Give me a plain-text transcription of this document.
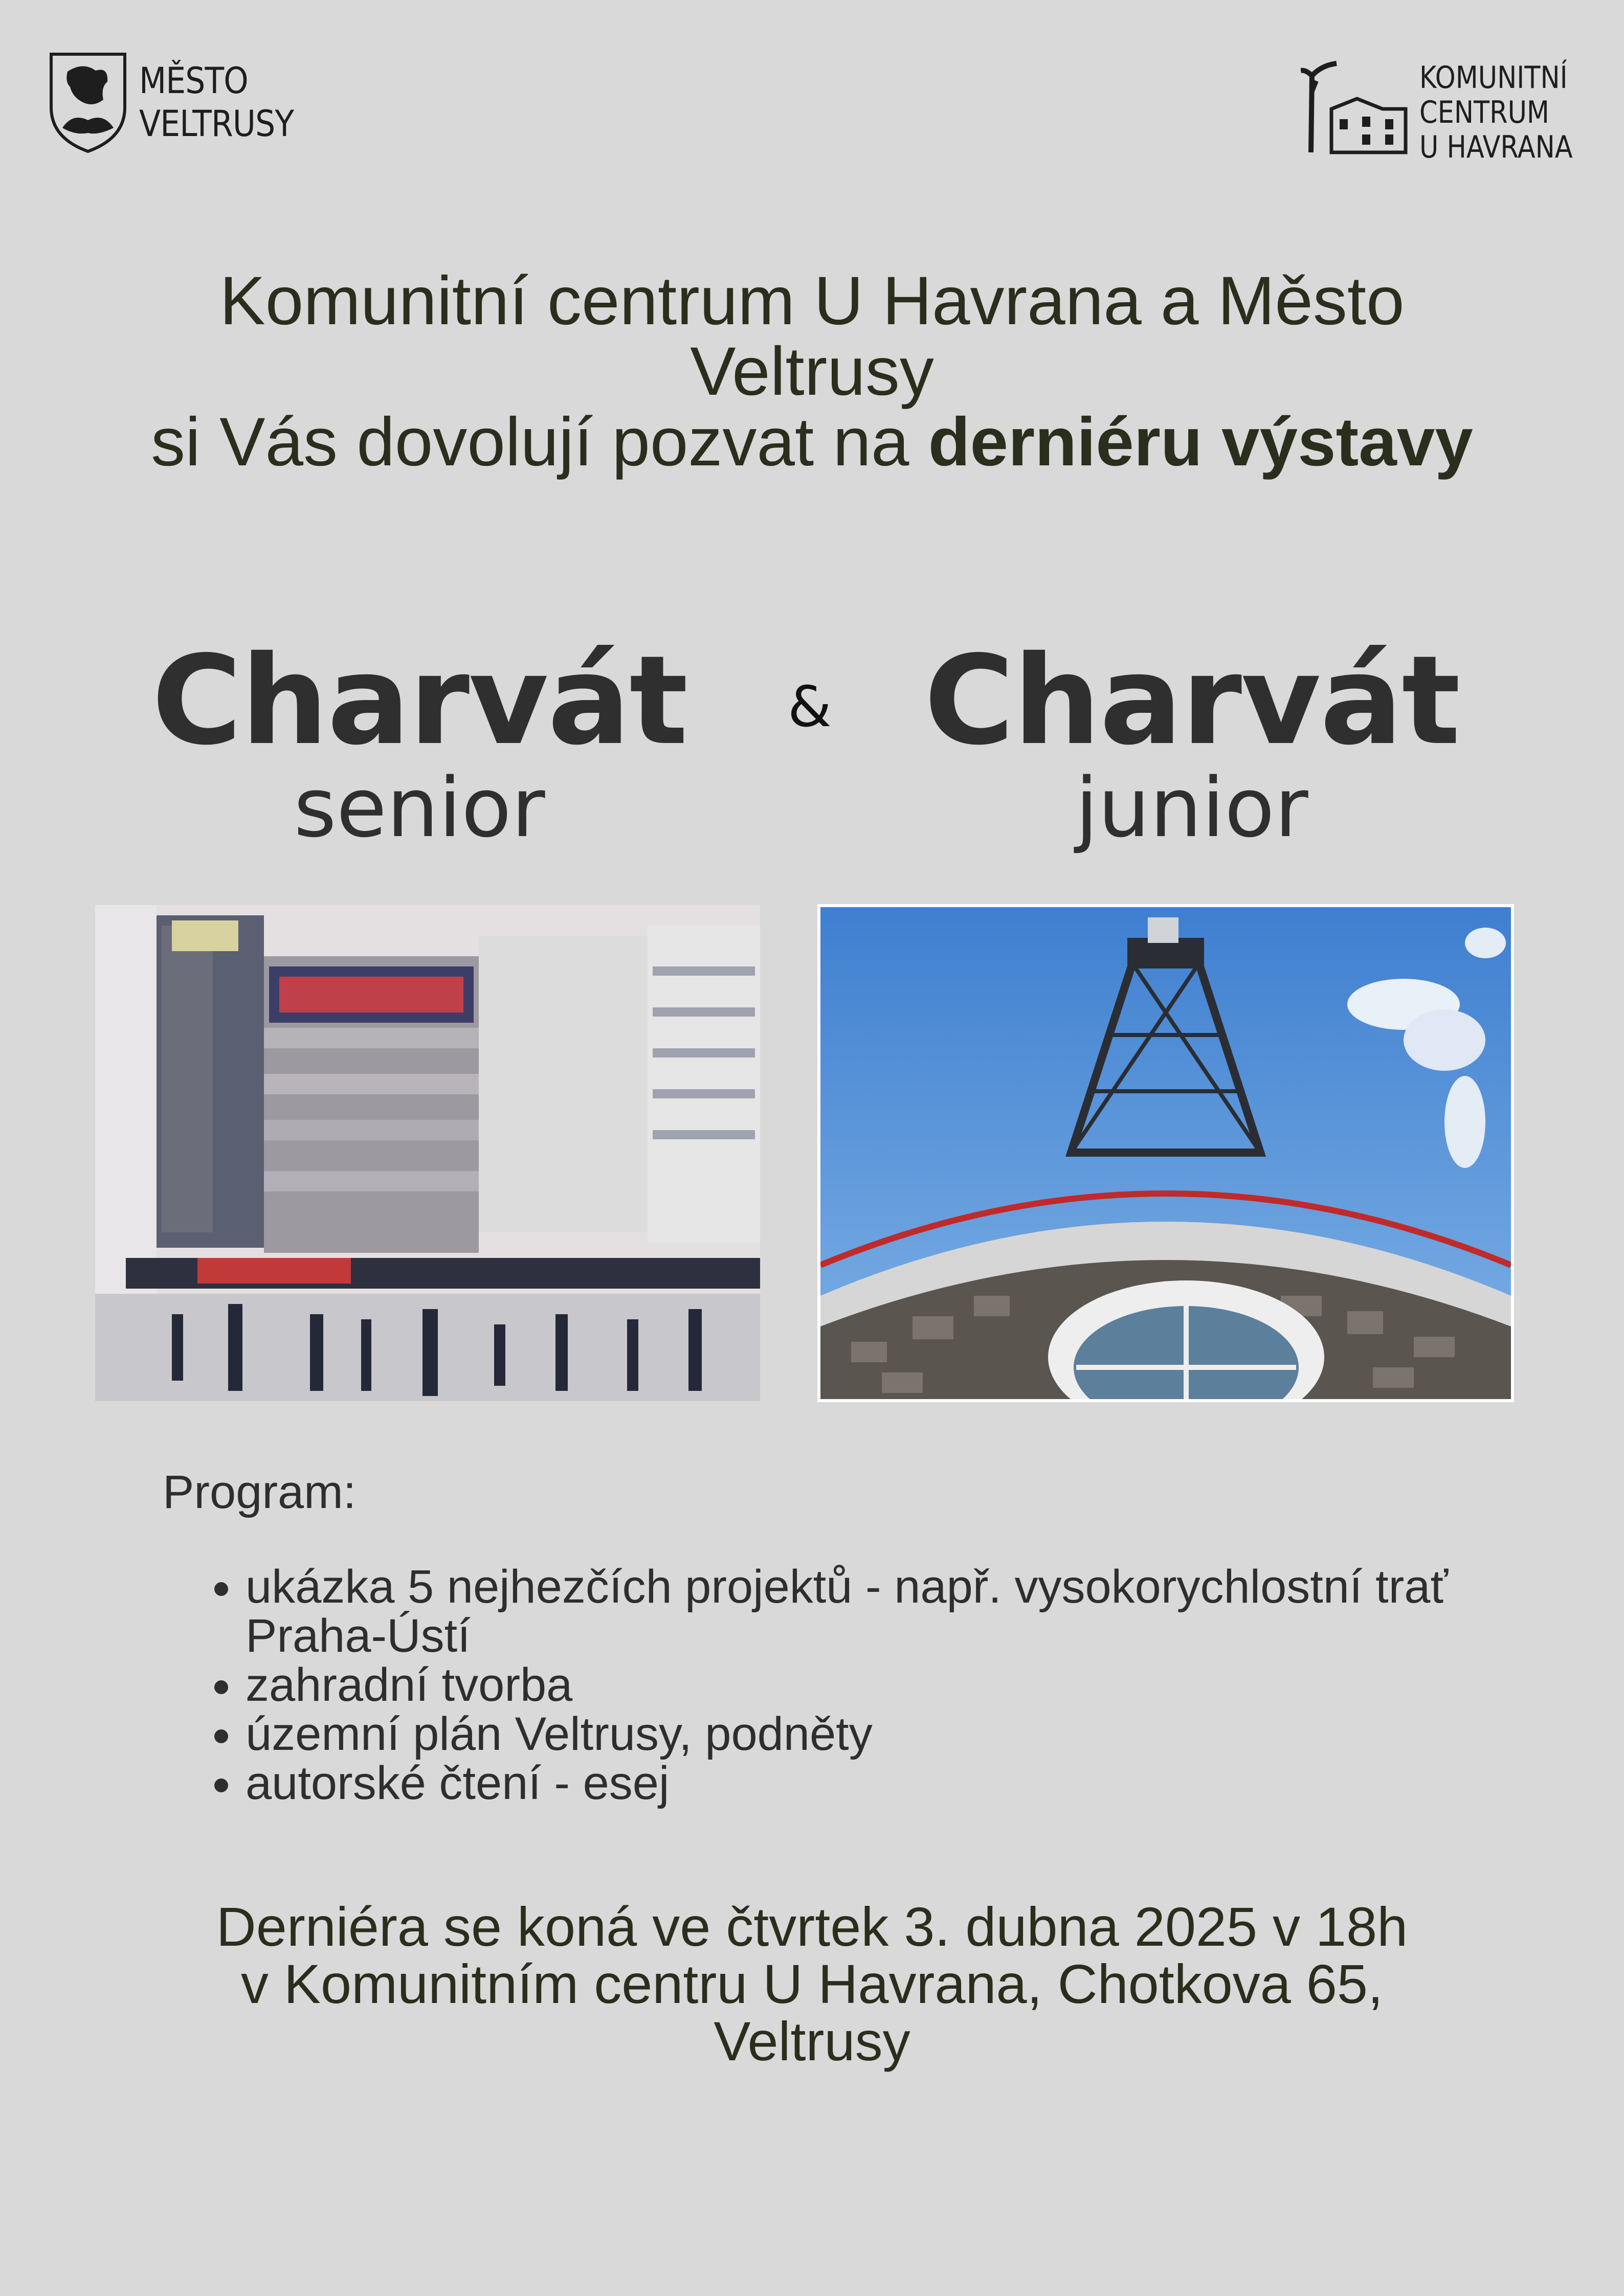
MĚSTO
VELTRUSY
KOMUNITNÍ
CENTRUM
U HAVRANA
Komunitní centrum U Havrana a Město
Veltrusy
si Vás dovolují pozvat na derniéru výstavy
Charvát
senior
& Charvát
junior
Program:
• ukázka 5 nejhezčích projektů - např. vysokorychlostní trať Praha-Ústí
• zahradní tvorba
• územní plán Veltrusy, podněty
• autorské čtení - esej
Derniéra se koná ve čtvrtek 3. dubna 2025 v 18h
v Komunitním centru U Havrana, Chotkova 65,
Veltrusy
